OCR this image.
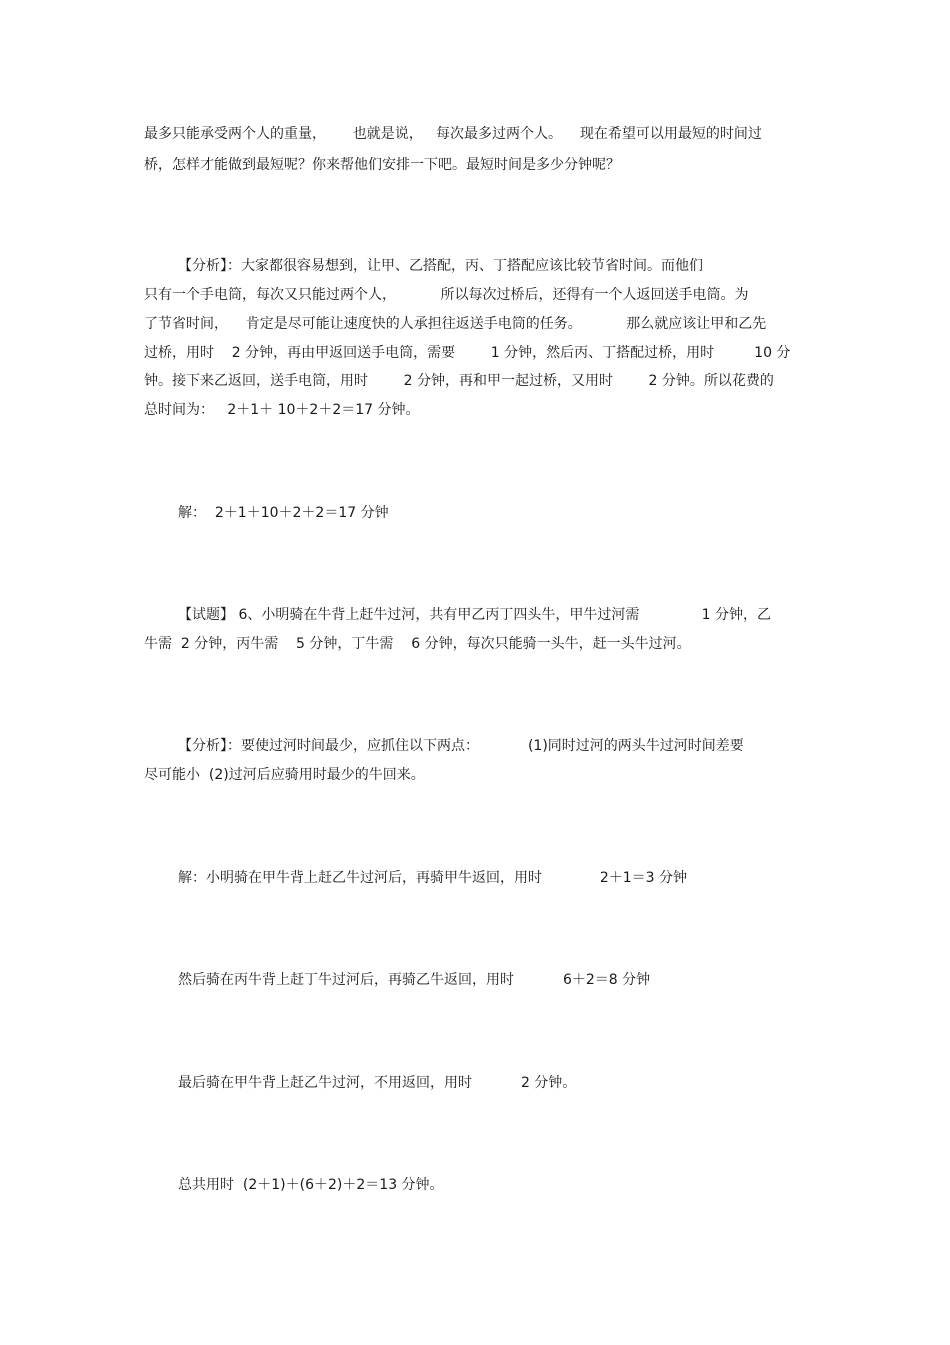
最多只能承受两个人的重量，      也就是说，   每次最多过两个人。    现在希望可以用最短的时间过
桥，怎样才能做到最短呢？你来帮他们安排一下吧。最短时间是多少分钟呢？
【分析】：大家都很容易想到，让甲、乙搭配，丙、丁搭配应该比较节省时间。而他们
只有一个手电筒，每次又只能过两个人，          所以每次过桥后，还得有一个人返回送手电筒。为
了节省时间，    肯定是尽可能让速度快的人承担往返送手电筒的任务。          那么就应该让甲和乙先
过桥，用时    2 分钟，再由甲返回送手电筒，需要        1 分钟，然后丙、丁搭配过桥，用时         10 分
钟。接下来乙返回，送手电筒，用时        2 分钟，再和甲一起过桥，又用时        2 分钟。所以花费的
总时间为：   2＋1＋ 10＋2＋2＝17 分钟。
解：  2＋1＋10＋2＋2＝17 分钟
【试题】 6、小明骑在牛背上赶牛过河，共有甲乙丙丁四头牛，甲牛过河需              1 分钟，乙
牛需  2 分钟，丙牛需    5 分钟，丁牛需    6 分钟，每次只能骑一头牛，赶一头牛过河。
【分析】：要使过河时间最少，应抓住以下两点：           (1)同时过河的两头牛过河时间差要
尽可能小  (2)过河后应骑用时最少的牛回来。
解：小明骑在甲牛背上赶乙牛过河后，再骑甲牛返回，用时             2＋1＝3 分钟
然后骑在丙牛背上赶丁牛过河后，再骑乙牛返回，用时           6＋2＝8 分钟
最后骑在甲牛背上赶乙牛过河，不用返回，用时           2 分钟。
总共用时  (2＋1)＋(6＋2)＋2＝13 分钟。
